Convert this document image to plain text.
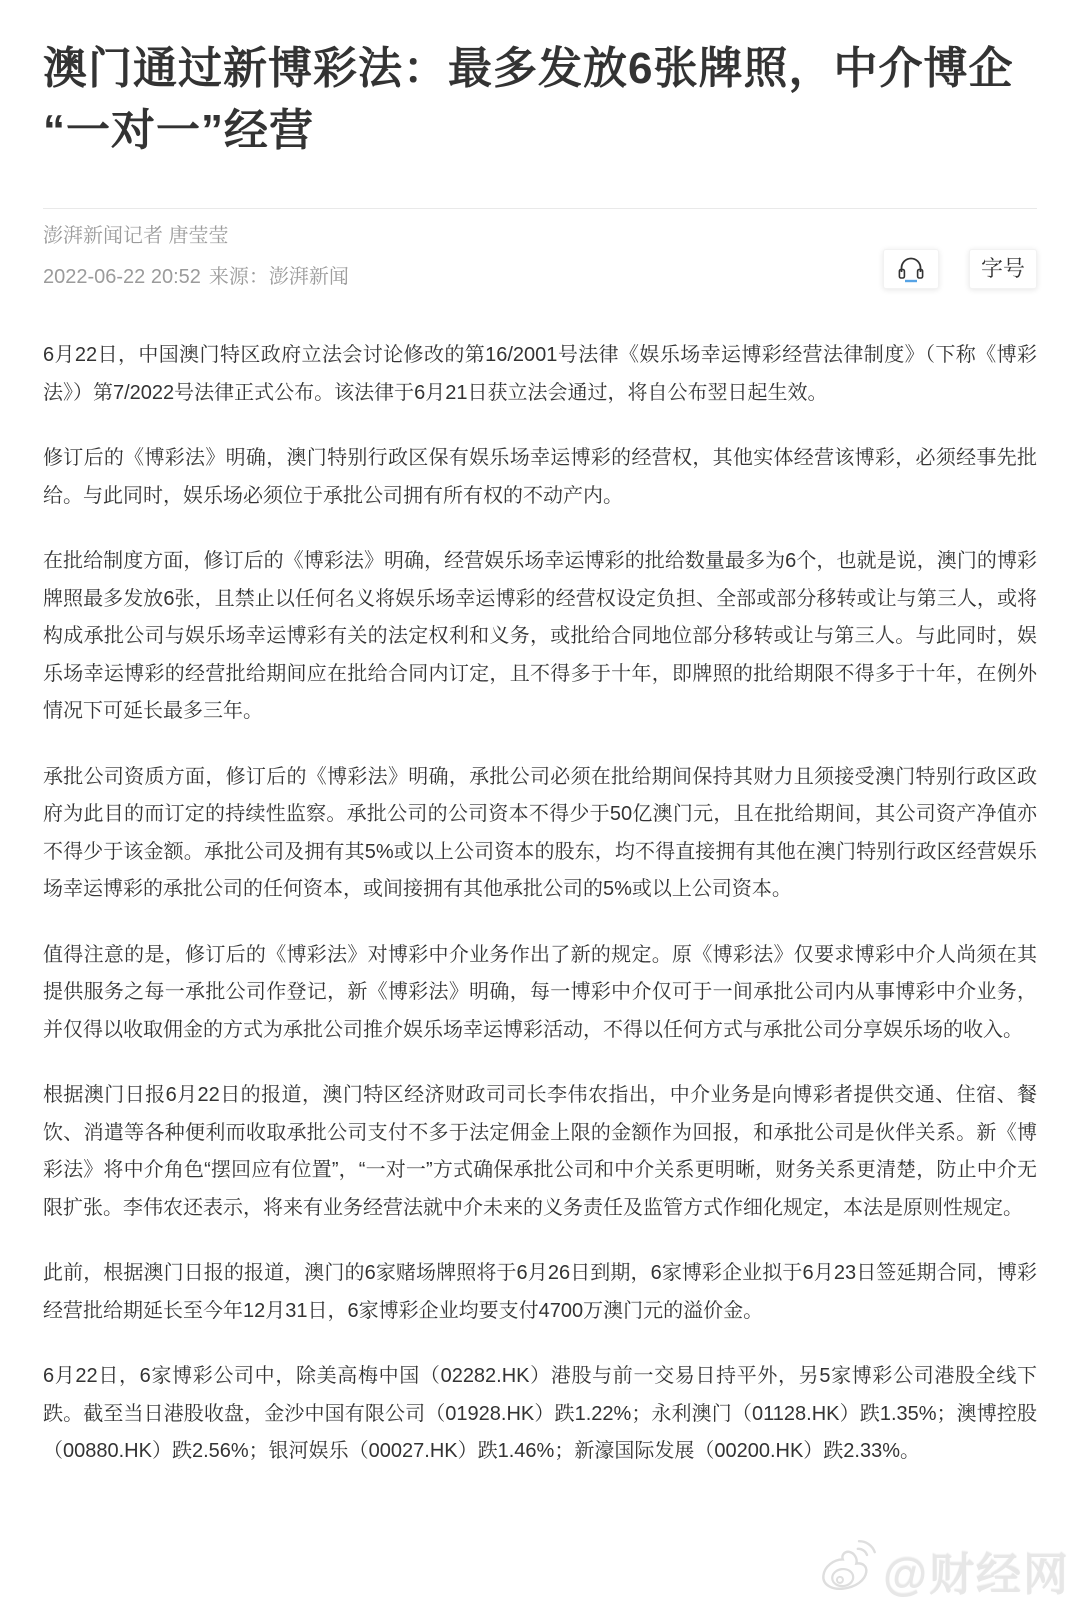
澳门通过新博彩法：最多发放6张牌照，中介博企“一对一”经营
澎湃新闻记者 唐莹莹
2022-06-22 20:52 来源：澎湃新闻	字号

6月22日，中国澳门特区政府立法会讨论修改的第16/2001号法律《娱乐场幸运博彩经营法律制度》（下称《博彩法》）第7/2022号法律正式公布。该法律于6月21日获立法会通过，将自公布翌日起生效。

修订后的《博彩法》明确，澳门特别行政区保有娱乐场幸运博彩的经营权，其他实体经营该博彩，必须经事先批给。与此同时，娱乐场必须位于承批公司拥有所有权的不动产内。

在批给制度方面，修订后的《博彩法》明确，经营娱乐场幸运博彩的批给数量最多为6个，也就是说，澳门的博彩牌照最多发放6张，且禁止以任何名义将娱乐场幸运博彩的经营权设定负担、全部或部分移转或让与第三人，或将构成承批公司与娱乐场幸运博彩有关的法定权利和义务，或批给合同地位部分移转或让与第三人。与此同时，娱乐场幸运博彩的经营批给期间应在批给合同内订定，且不得多于十年，即牌照的批给期限不得多于十年，在例外情况下可延长最多三年。

承批公司资质方面，修订后的《博彩法》明确，承批公司必须在批给期间保持其财力且须接受澳门特别行政区政府为此目的而订定的持续性监察。承批公司的公司资本不得少于50亿澳门元，且在批给期间，其公司资产净值亦不得少于该金额。承批公司及拥有其5%或以上公司资本的股东，均不得直接拥有其他在澳门特别行政区经营娱乐场幸运博彩的承批公司的任何资本，或间接拥有其他承批公司的5%或以上公司资本。

值得注意的是，修订后的《博彩法》对博彩中介业务作出了新的规定。原《博彩法》仅要求博彩中介人尚须在其提供服务之每一承批公司作登记，新《博彩法》明确，每一博彩中介仅可于一间承批公司内从事博彩中介业务，并仅得以收取佣金的方式为承批公司推介娱乐场幸运博彩活动，不得以任何方式与承批公司分享娱乐场的收入。

根据澳门日报6月22日的报道，澳门特区经济财政司司长李伟农指出，中介业务是向博彩者提供交通、住宿、餐饮、消遣等各种便利而收取承批公司支付不多于法定佣金上限的金额作为回报，和承批公司是伙伴关系。新《博彩法》将中介角色“摆回应有位置”，“一对一”方式确保承批公司和中介关系更明晰，财务关系更清楚，防止中介无限扩张。李伟农还表示，将来有业务经营法就中介未来的义务责任及监管方式作细化规定，本法是原则性规定。

此前，根据澳门日报的报道，澳门的6家赌场牌照将于6月26日到期，6家博彩企业拟于6月23日签延期合同，博彩经营批给期延长至今年12月31日，6家博彩企业均要支付4700万澳门元的溢价金。

6月22日，6家博彩公司中，除美高梅中国（02282.HK）港股与前一交易日持平外，另5家博彩公司港股全线下跌。截至当日港股收盘，金沙中国有限公司（01928.HK）跌1.22%；永利澳门（01128.HK）跌1.35%；澳博控股（00880.HK）跌2.56%；银河娱乐（00027.HK）跌1.46%；新濠国际发展（00200.HK）跌2.33%。

@财经网
